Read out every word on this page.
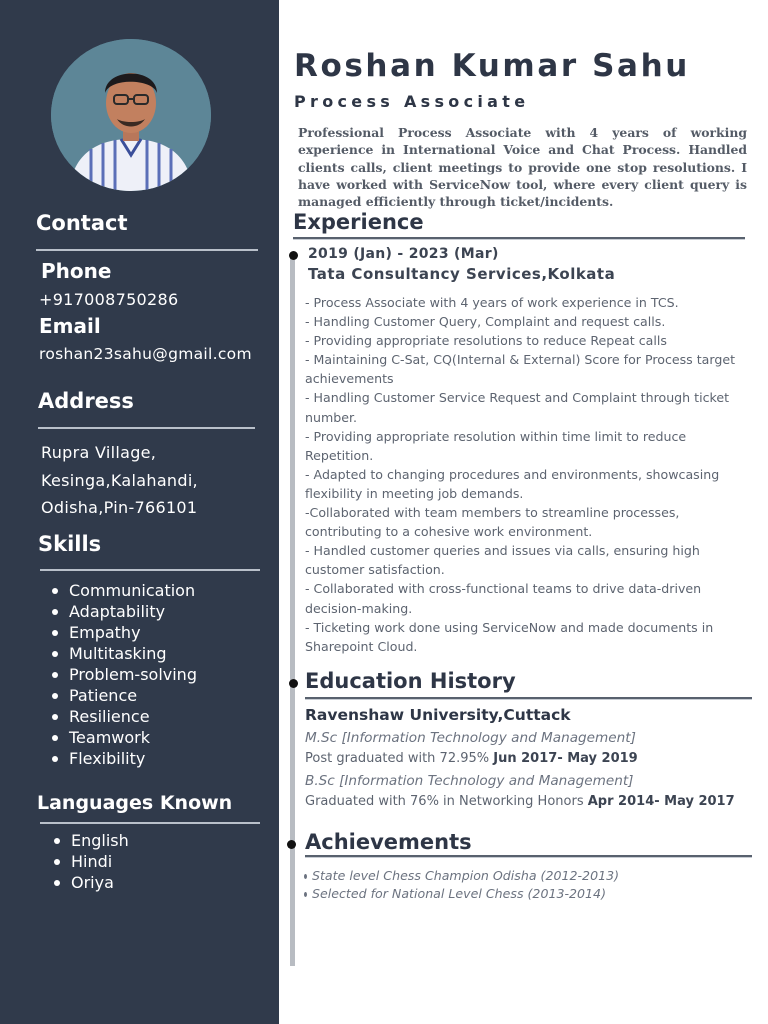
Contact
Phone
+917008750286
Email
roshan23sahu@gmail.com
Address
Rupra Village,
Kesinga,Kalahandi,
Odisha,Pin-766101
Skills
Communication
Adaptability
Empathy
Multitasking
Problem-solving
Patience
Resilience
Teamwork
Flexibility
Languages Known
English
Hindi
Oriya
Roshan Kumar Sahu
Process Associate
Professional Process Associate with 4 years of working experience in International Voice and Chat Process. Handled clients calls, client meetings to provide one stop resolutions. I have worked with ServiceNow tool, where every client query is managed efficiently through ticket/incidents.
Experience
2019 (Jan) - 2023 (Mar)
Tata Consultancy Services,Kolkata
- Process Associate with 4 years of work experience in TCS.
- Handling Customer Query, Complaint and request calls.
- Providing appropriate resolutions to reduce Repeat calls
- Maintaining C-Sat, CQ(Internal & External) Score for Process target achievements
- Handling Customer Service Request and Complaint through ticket number.
- Providing appropriate resolution within time limit to reduce Repetition.
- Adapted to changing procedures and environments, showcasing flexibility in meeting job demands.
-Collaborated with team members to streamline processes, contributing to a cohesive work environment.
- Handled customer queries and issues via calls, ensuring high customer satisfaction.
- Collaborated with cross-functional teams to drive data-driven decision-making.
- Ticketing work done using ServiceNow and made documents in Sharepoint Cloud.
Education History
Ravenshaw University,Cuttack
M.Sc [Information Technology and Management]
Post graduated with 72.95% Jun 2017- May 2019
B.Sc [Information Technology and Management]
Graduated with 76% in Networking Honors Apr 2014- May 2017
Achievements
State level Chess Champion Odisha (2012-2013)
Selected for National Level Chess (2013-2014)
